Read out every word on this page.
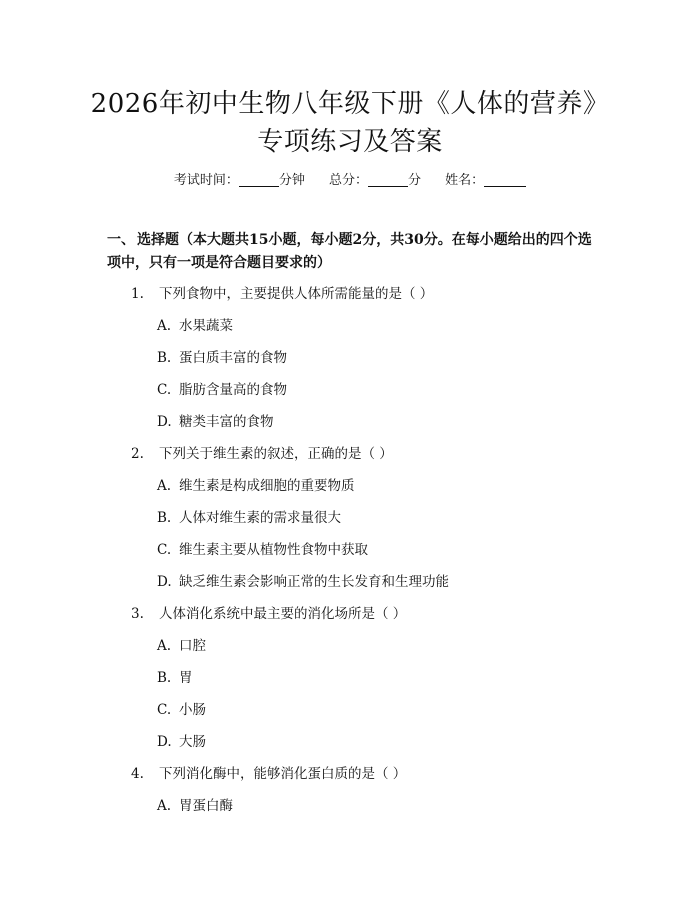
2026年初中生物八年级下册《人体的营养》
专项练习及答案
考试时间：	分钟 总分：	分 姓名：
一、 选择题（本大题共15小题，每小题2分，共30分。在每小题给出的四个选项中，只有一项是符合题目要求的）
1. 下列食物中，主要提供人体所需能量的是（ ）
A. 水果蔬菜
B. 蛋白质丰富的食物
C. 脂肪含量高的食物
D. 糖类丰富的食物
2. 下列关于维生素的叙述，正确的是（ ）
A. 维生素是构成细胞的重要物质
B. 人体对维生素的需求量很大
C. 维生素主要从植物性食物中获取
D. 缺乏维生素会影响正常的生长发育和生理功能
3. 人体消化系统中最主要的消化场所是（ ）
A. 口腔
B. 胃
C. 小肠
D. 大肠
4. 下列消化酶中，能够消化蛋白质的是（ ）
A. 胃蛋白酶
